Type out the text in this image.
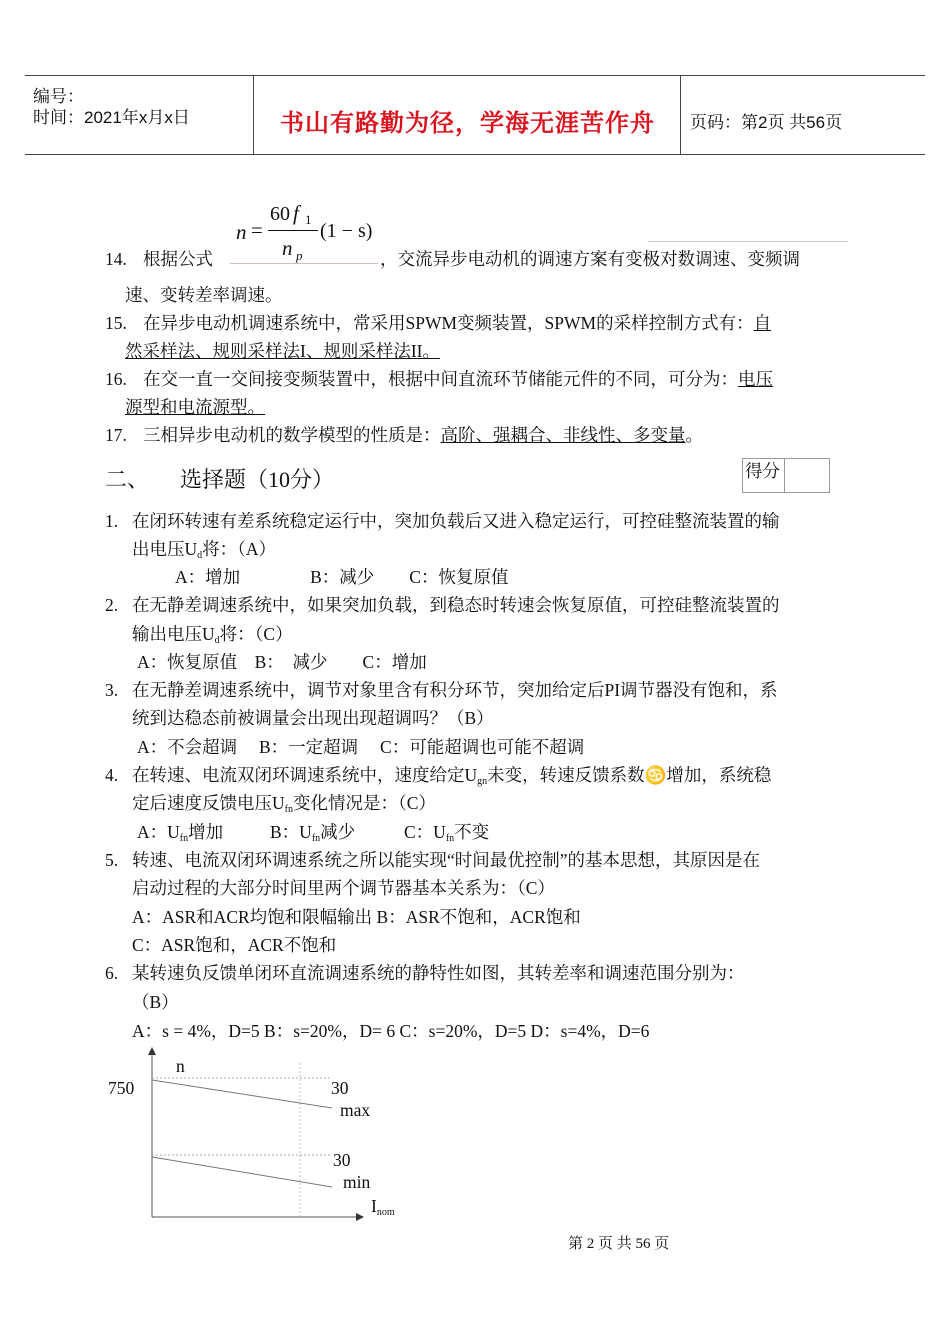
编号：
时间：2021年x月x日	书山有路勤为径，学海无涯苦作舟 页码：第2页 共56页
n =
60 f 1
n p
(1 − s)
14. 根据公式	，交流异步电动机的调速方案有变极对数调速、变频调
速、变转差率调速。
15. 在异步电动机调速系统中，常采用SPWM变频装置，SPWM的采样控制方式有：自
然采样法、规则采样法I、规则采样法II。
16. 在交一直一交间接变频装置中，根据中间直流环节储能元件的不同，可分为：电压
源型和电流源型。
17. 三相异步电动机的数学模型的性质是：高阶、强耦合、非线性、多变量。
二、 选择题（10分）	得分
1. 在闭环转速有差系统稳定运行中，突加负载后又进入稳定运行，可控硅整流装置的输
出电压$U_d$将：（A）
A：增加　　　　B：减少　　C：恢复原值
2. 在无静差调速系统中，如果突加负载，到稳态时转速会恢复原值，可控硅整流装置的
输出电压$U_d$将：（C）
A：恢复原值　B：　减少　　C：增加
3. 在无静差调速系统中，调节对象里含有积分环节，突加给定后PI调节器没有饱和，系
统到达稳态前被调量会出现出现超调吗？（B）
A：不会超调　 B：一定超调　 C：可能超调也可能不超调
4. 在转速、电流双闭环调速系统中，速度给定$U_{gn}$未变，转速反馈系数♋增加，系统稳
定后速度反馈电压$U_{fn}$变化情况是：（C）
A：$U_{fn}$增加	B：$U_{fn}$减少	C：$U_{fn}$不变
5. 转速、电流双闭环调速系统之所以能实现“时间最优控制”的基本思想，其原因是在
启动过程的大部分时间里两个调节器基本关系为：（C）
A：ASR和ACR均饱和限幅输出 B：ASR不饱和，ACR饱和
C：ASR饱和，ACR不饱和
6. 某转速负反馈单闭环直流调速系统的静特性如图，其转差率和调速范围分别为：
（B）
A：s = 4%，D=5 B：s=20%，D= 6 C：s=20%，D=5 D：s=4%，D=6
n
750	30
max
30
min
$I_{nom}$
第 2 页 共 56 页
